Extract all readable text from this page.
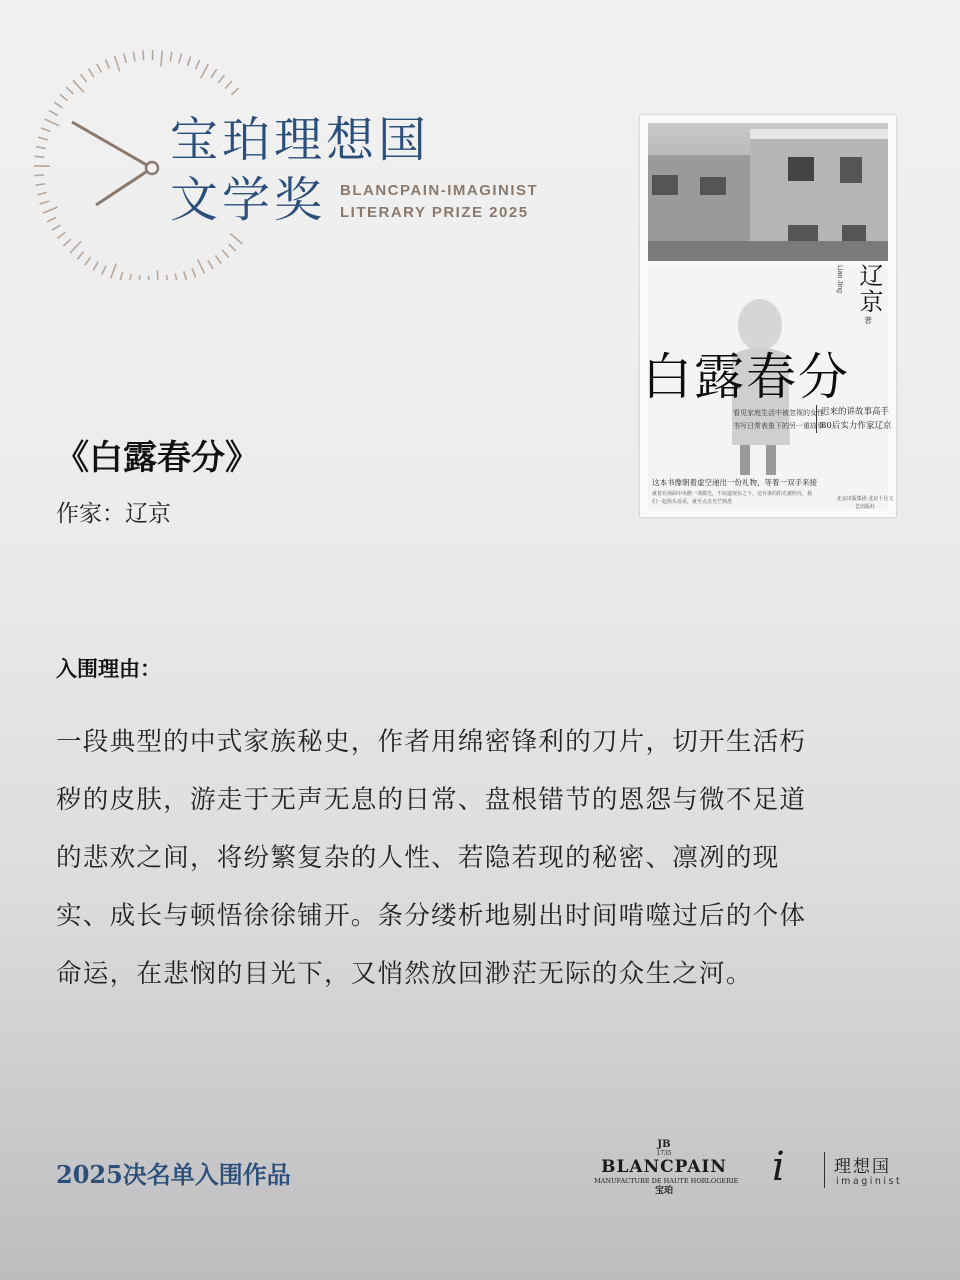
宝珀理想国
文学奖 BLANCPAIN-IMAGINIST
LITERARY PRIZE 2025
辽京
Liao Jing
著
白露春分
看见家庭生活中被忽视的女性
书写日常表象下的另一重故事
迟来的讲故事高手
80后实力作家辽京
这本书像朝着虚空递出一份礼物，等着一双手来接
就着在场面中央燃一盏微光，不知道现在之下，还有谁的阳光被照亮，我们一起抬头看看，就至点点光芒熟悉	北京出版集团 北京十月文艺出版社
《白露春分》
作家：辽京
入围理由：
一段典型的中式家族秘史，作者用绵密锋利的刀片，切开生活朽
秽的皮肤，游走于无声无息的日常、盘根错节的恩怨与微不足道
的悲欢之间，将纷繁复杂的人性、若隐若现的秘密、凛冽的现
实、成长与顿悟徐徐铺开。条分缕析地剔出时间啃噬过后的个体
命运，在悲悯的目光下，又悄然放回渺茫无际的众生之河。
2025决名单入围作品
JB
1735
BLANCPAIN
MANUFACTURE DE HAUTE HORLOGERIE
宝珀
i	理想国
imaginist
